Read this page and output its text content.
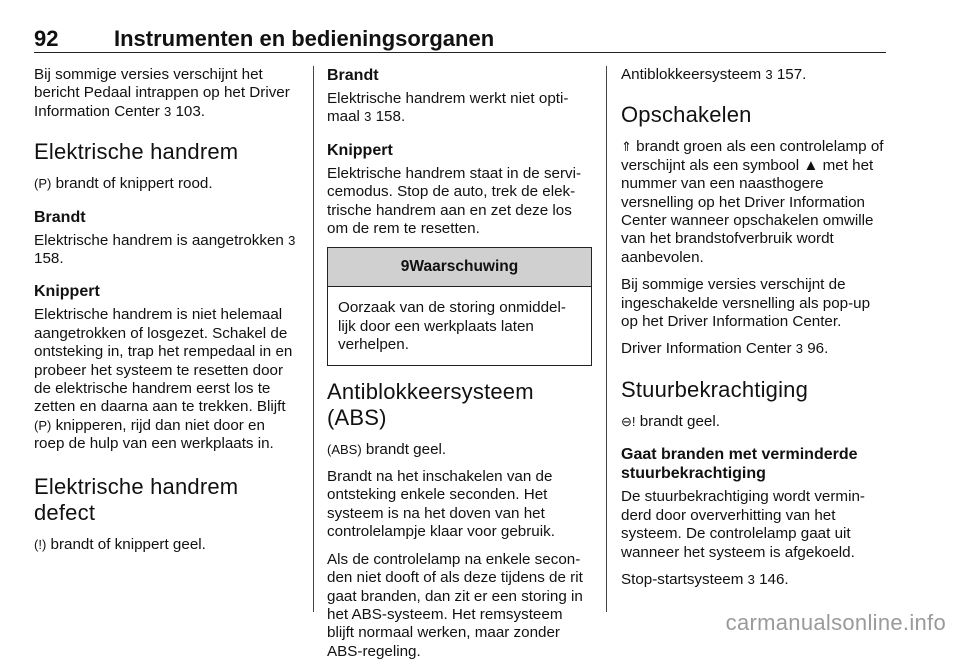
92	Instrumenten en bedieningsorganen

Bij sommige versies verschijnt het bericht Pedaal intrappen op het Driver Information Center 3 103.

Elektrische handrem

(P) brandt of knippert rood.

Brandt

Elektrische handrem is aangetrokken 3 158.

Knippert

Elektrische handrem is niet helemaal aangetrokken of losgezet. Schakel de ontsteking in, trap het rempedaal in en probeer het systeem te resetten door de elektrische handrem eerst los te zetten en daarna aan te trekken. Blijft (P) knipperen, rijd dan niet door en roep de hulp van een werkplaats in.

Elektrische handrem defect

(!) brandt of knippert geel.

Brandt

Elektrische handrem werkt niet opti-maal 3 158.

Knippert

Elektrische handrem staat in de servi-cemodus. Stop de auto, trek de elek-trische handrem aan en zet deze los om de rem te resetten.

9 Waarschuwing
Oorzaak van de storing onmiddel-lijk door een werkplaats laten verhelpen.
Antiblokkeersysteem (ABS)

(ABS) brandt geel.

Brandt na het inschakelen van de ontsteking enkele seconden. Het systeem is na het doven van het controlelampje klaar voor gebruik.

Als de controlelamp na enkele secon-den niet dooft of als deze tijdens de rit gaat branden, dan zit er een storing in het ABS-systeem. Het remsysteem blijft normaal werken, maar zonder ABS-regeling.

Antiblokkeersysteem 3 157.

Opschakelen

⇑ brandt groen als een controlelamp of verschijnt als een symbool ▲ met het nummer van een naasthogere versnelling op het Driver Information Center wanneer opschakelen omwille van het brandstofverbruik wordt aanbevolen.

Bij sommige versies verschijnt de ingeschakelde versnelling als pop-up op het Driver Information Center.

Driver Information Center 3 96.

Stuurbekrachtiging

⊖! brandt geel.

Gaat branden met verminderde stuurbekrachtiging

De stuurbekrachtiging wordt vermin-derd door oververhitting van het systeem. De controlelamp gaat uit wanneer het systeem is afgekoeld.

Stop-startsysteem 3 146.

carmanualsonline.info
